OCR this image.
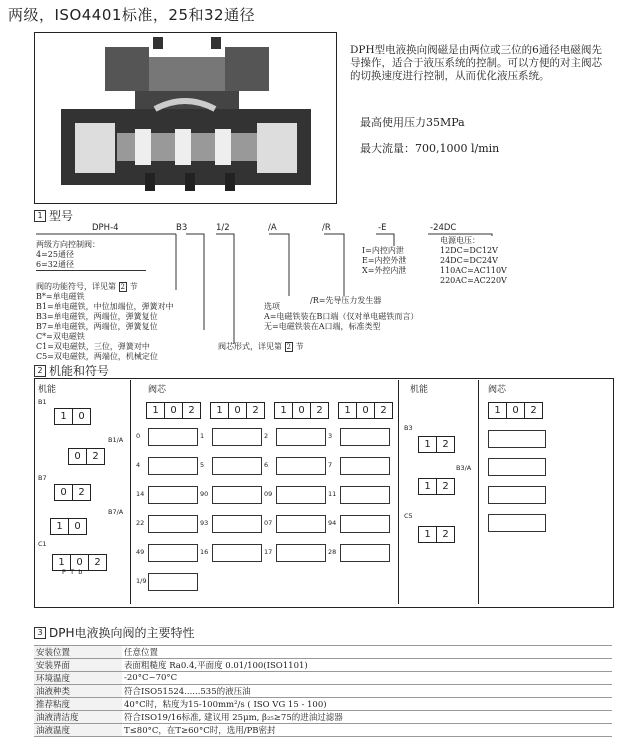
两级，ISO4401标准，25和32通径
DPH型电液换向阀磁是由两位或三位的6通径电磁阀先导操作，适合于液压系统的控制。可以方便的对主阀芯的切换速度进行控制，从而优化液压系统。
最高使用压力35MPa
最大流量：700,1000 l/min
1 型号
DPH-4	B3	1/2	/A	/R	-E	-24DC
两级方向控制阀：
4=25通径
6=32通径
阀的功能符号，详见第 2 节
B*=单电磁铁
B1=单电磁铁，中位加端位，弹簧对中
B3=单电磁铁，两端位，弹簧复位
B7=单电磁铁，两端位，弹簧复位
C*=双电磁铁
C1=双电磁铁，三位，弹簧对中
C5=双电磁铁，两端位，机械定位
阀芯形式，详见第 2 节
选项
A=电磁铁装在B口端（仅对单电磁铁而言）
无=电磁铁装在A口端，标准类型
/R=先导压力发生器
I=内控内泄
E=内控外泄
X=外控内泄
电源电压：
12DC=DC12V
24DC=DC24V
110AC=AC110V
220AC=AC220V
2 机能和符号
机能	阀芯	机能	阀芯
B1
1	0
B1/A
0	2
B7
0	2
B7/A
1	0
C1
1	0	2
P T b
1	0	2	1	0	2	1	0	2	1	0	2
0	1	2	3
4	5	6	7
14	90	09	11
22	93	07	94
49	16	17	28
1/9
B3
1	2
B3/A
1	2
C5
1	2
1	0	2
3 DPH电液换向阀的主要特性
安装位置	任意位置
安装界面	表面粗糙度 Ra0.4,平面度 0.01/100(ISO1101)
环境温度	-20°C~70°C
油液种类	符合ISO51524......535的液压油
推荐粘度	40°C时，粘度为15-100mm²/s ( ISO VG 15 - 100)
油液清洁度	符合ISO19/16标准, 建议用 25μm, β₂₅≥75的进油过滤器
油液温度	T≤80°C，在T≥60°C时，选用/PB密封
